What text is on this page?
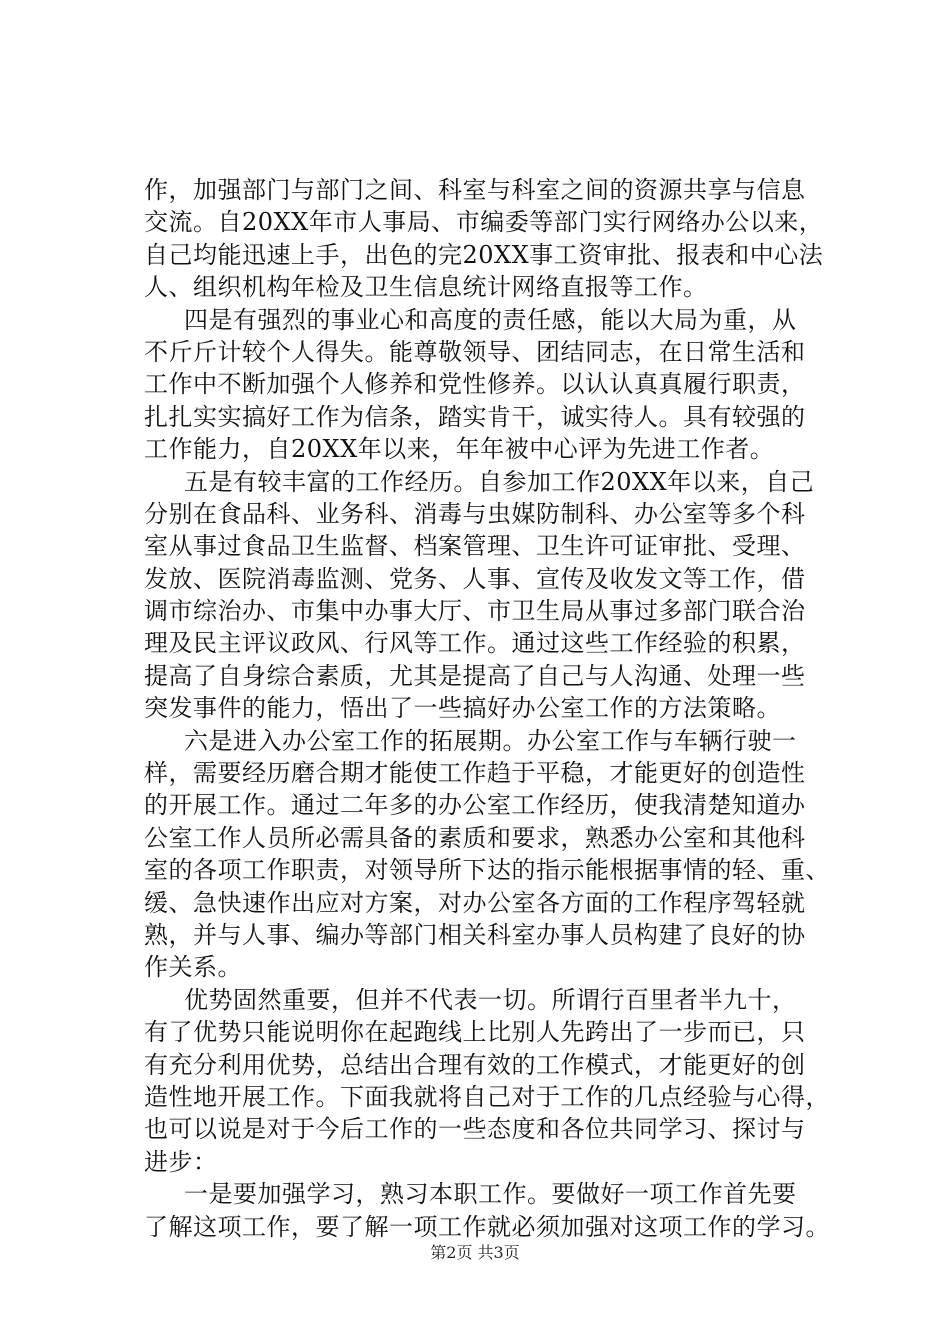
作，加强部门与部门之间、科室与科室之间的资源共享与信息
交流。自20XX年市人事局、市编委等部门实行网络办公以来，
自己均能迅速上手，出色的完20XX事工资审批、报表和中心法
人、组织机构年检及卫生信息统计网络直报等工作。
四是有强烈的事业心和高度的责任感，能以大局为重，从
不斤斤计较个人得失。能尊敬领导、团结同志，在日常生活和
工作中不断加强个人修养和党性修养。以认认真真履行职责，
扎扎实实搞好工作为信条，踏实肯干，诚实待人。具有较强的
工作能力，自20XX年以来，年年被中心评为先进工作者。
五是有较丰富的工作经历。自参加工作20XX年以来，自己
分别在食品科、业务科、消毒与虫媒防制科、办公室等多个科
室从事过食品卫生监督、档案管理、卫生许可证审批、受理、
发放、医院消毒监测、党务、人事、宣传及收发文等工作，借
调市综治办、市集中办事大厅、市卫生局从事过多部门联合治
理及民主评议政风、行风等工作。通过这些工作经验的积累，
提高了自身综合素质，尤其是提高了自己与人沟通、处理一些
突发事件的能力，悟出了一些搞好办公室工作的方法策略。
六是进入办公室工作的拓展期。办公室工作与车辆行驶一
样，需要经历磨合期才能使工作趋于平稳，才能更好的创造性
的开展工作。通过二年多的办公室工作经历，使我清楚知道办
公室工作人员所必需具备的素质和要求，熟悉办公室和其他科
室的各项工作职责，对领导所下达的指示能根据事情的轻、重、
缓、急快速作出应对方案，对办公室各方面的工作程序驾轻就
熟，并与人事、编办等部门相关科室办事人员构建了良好的协
作关系。
优势固然重要，但并不代表一切。所谓行百里者半九十，
有了优势只能说明你在起跑线上比别人先跨出了一步而已，只
有充分利用优势，总结出合理有效的工作模式，才能更好的创
造性地开展工作。下面我就将自己对于工作的几点经验与心得，
也可以说是对于今后工作的一些态度和各位共同学习、探讨与
进步：
一是要加强学习，熟习本职工作。要做好一项工作首先要
了解这项工作，要了解一项工作就必须加强对这项工作的学习。
第2页 共3页
